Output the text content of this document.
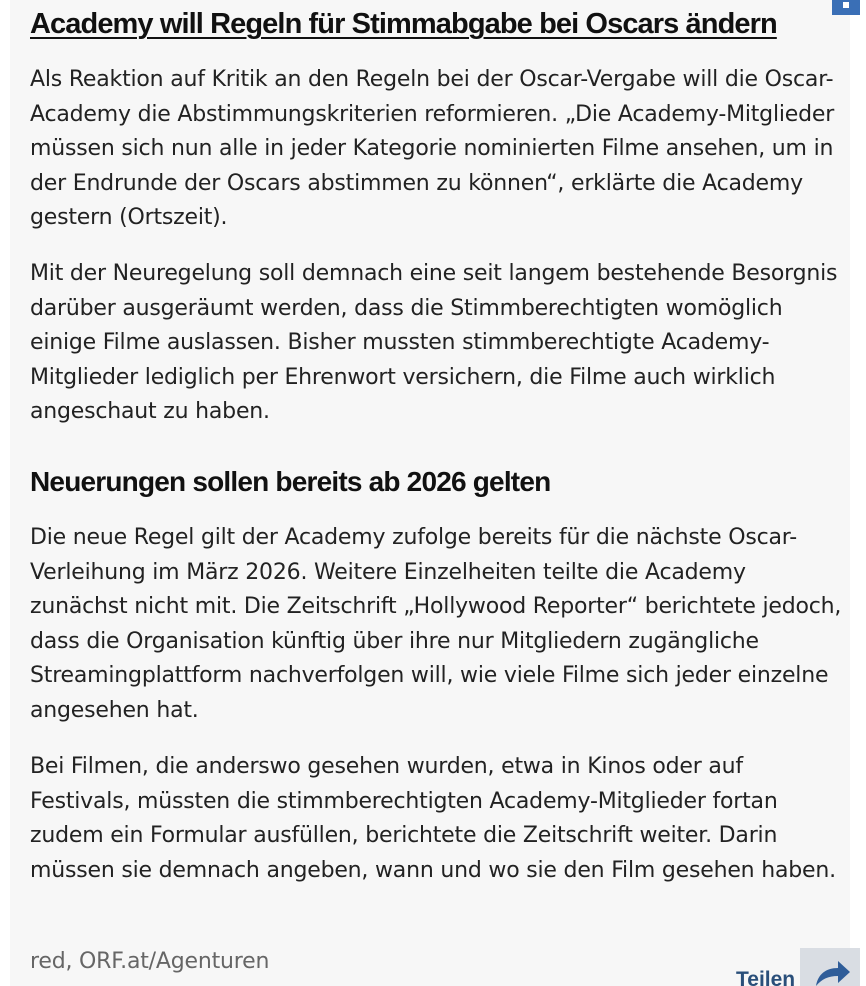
Academy will Regeln für Stimmabgabe bei Oscars ändern

Als Reaktion auf Kritik an den Regeln bei der Oscar-Vergabe will die Oscar-Academy die Abstimmungskriterien reformieren. „Die Academy-Mitglieder müssen sich nun alle in jeder Kategorie nominierten Filme ansehen, um in der Endrunde der Oscars abstimmen zu können“, erklärte die Academy gestern (Ortszeit).

Mit der Neuregelung soll demnach eine seit langem bestehende Besorgnis darüber ausgeräumt werden, dass die Stimmberechtigten womöglich einige Filme auslassen. Bisher mussten stimmberechtigte Academy-Mitglieder lediglich per Ehrenwort versichern, die Filme auch wirklich angeschaut zu haben.

Neuerungen sollen bereits ab 2026 gelten

Die neue Regel gilt der Academy zufolge bereits für die nächste Oscar-Verleihung im März 2026. Weitere Einzelheiten teilte die Academy zunächst nicht mit. Die Zeitschrift „Hollywood Reporter“ berichtete jedoch, dass die Organisation künftig über ihre nur Mitgliedern zugängliche Streamingplattform nachverfolgen will, wie viele Filme sich jeder einzelne angesehen hat.

Bei Filmen, die anderswo gesehen wurden, etwa in Kinos oder auf Festivals, müssten die stimmberechtigten Academy-Mitglieder fortan zudem ein Formular ausfüllen, berichtete die Zeitschrift weiter. Darin müssen sie demnach angeben, wann und wo sie den Film gesehen haben.

red, ORF.at/Agenturen

Teilen
